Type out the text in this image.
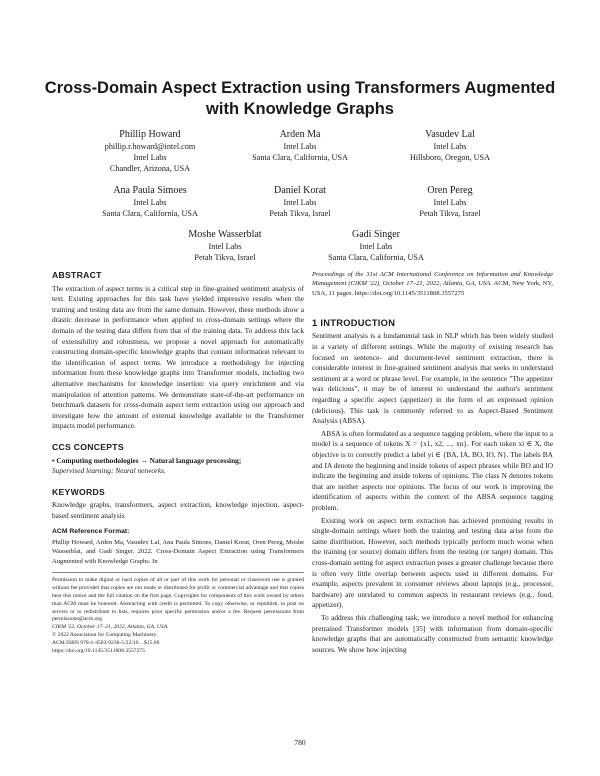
Cross-Domain Aspect Extraction using Transformers Augmented with Knowledge Graphs
Phillip Howard
phillip.r.howard@intel.com
Intel Labs
Chandler, Arizona, USA
Arden Ma
Intel Labs
Santa Clara, California, USA
Vasudev Lal
Intel Labs
Hillsboro, Oregon, USA
Ana Paula Simoes
Intel Labs
Santa Clara, California, USA
Daniel Korat
Intel Labs
Petah Tikva, Israel
Oren Pereg
Intel Labs
Petah Tikva, Israel
Moshe Wasserblat
Intel Labs
Petah Tikva, Israel
Gadi Singer
Intel Labs
Santa Clara, California, USA
ABSTRACT

The extraction of aspect terms is a critical step in fine-grained sentiment analysis of text. Existing approaches for this task have yielded impressive results when the training and testing data are from the same domain. However, these methods show a drastic decrease in performance when applied to cross-domain settings where the domain of the testing data differs from that of the training data. To address this lack of extensibility and robustness, we propose a novel approach for automatically constructing domain-specific knowledge graphs that contain information relevant to the identification of aspect terms. We introduce a methodology for injecting information from these knowledge graphs into Transformer models, including two alternative mechanisms for knowledge insertion: via query enrichment and via manipulation of attention patterns. We demonstrate state-of-the-art performance on benchmark datasets for cross-domain aspect term extraction using our approach and investigate how the amount of external knowledge available to the Transformer impacts model performance.

CCS CONCEPTS

• Computing methodologies → Natural language processing;

Supervised learning; Neural networks.

KEYWORDS

Knowledge graphs, transformers, aspect extraction, knowledge injection, aspect-based sentiment analysis

ACM Reference Format:

Phillip Howard, Arden Ma, Vasudev Lal, Ana Paula Simoes, Daniel Korat, Oren Pereg, Moshe Wasserblat, and Gadi Singer. 2022. Cross-Domain Aspect Extraction using Transformers Augmented with Knowledge Graphs. In

Permission to make digital or hard copies of all or part of this work for personal or classroom use is granted without fee provided that copies are not made or distributed for profit or commercial advantage and that copies bear this notice and the full citation on the first page. Copyrights for components of this work owned by others than ACM must be honored. Abstracting with credit is permitted. To copy otherwise, or republish, to post on servers or to redistribute to lists, requires prior specific permission and/or a fee. Request permissions from permissions@acm.org.

CIKM '22, October 17–21, 2022, Atlanta, GA, USA.
© 2022 Association for Computing Machinery.
ACM ISBN 978-1-4503-9236-5/22/10…$15.00
https://doi.org/10.1145/3511808.3557275

Proceedings of the 31st ACM International Conference on Information and Knowledge Management (CIKM '22), October 17–21, 2022, Atlanta, GA, USA. ACM, New York, NY, USA, 11 pages. https://doi.org/10.1145/3511808.3557275

1 INTRODUCTION

Sentiment analysis is a fundamental task in NLP which has been widely studied in a variety of different settings. While the majority of existing research has focused on sentence- and document-level sentiment extraction, there is considerable interest in fine-grained sentiment analysis that seeks to understand sentiment at a word or phrase level. For example, in the sentence "The appetizer was delicious", it may be of interest to understand the author's sentiment regarding a specific aspect (appetizer) in the form of an expressed opinion (delicious). This task is commonly referred to as Aspect-Based Sentiment Analysis (ABSA).

ABSA is often formulated as a sequence tagging problem, where the input to a model is a sequence of tokens X = {x1, x2, ..., xn}. For each token xi ∈ X, the objective is to correctly predict a label yi ∈ {BA, IA, BO, IO, N}. The labels BA and IA denote the beginning and inside tokens of aspect phrases while BO and IO indicate the beginning and inside tokens of opinions. The class N denotes tokens that are neither aspects nor opinions. The focus of our work is improving the identification of aspects within the context of the ABSA sequence tagging problem.

Existing work on aspect term extraction has achieved promising results in single-domain settings where both the training and testing data arise from the same distribution. However, such methods typically perform much worse when the training (or source) domain differs from the testing (or target) domain. This cross-domain setting for aspect extraction poses a greater challenge because there is often very little overlap between aspects used in different domains. For example, aspects prevalent in consumer reviews about laptops (e.g., processor, hardware) are unrelated to common aspects in restaurant reviews (e.g., food, appetizer).

To address this challenging task, we introduce a novel method for enhancing pretrained Transformer models [35] with information from domain-specific knowledge graphs that are automatically constructed from semantic knowledge sources. We show how injecting

780
